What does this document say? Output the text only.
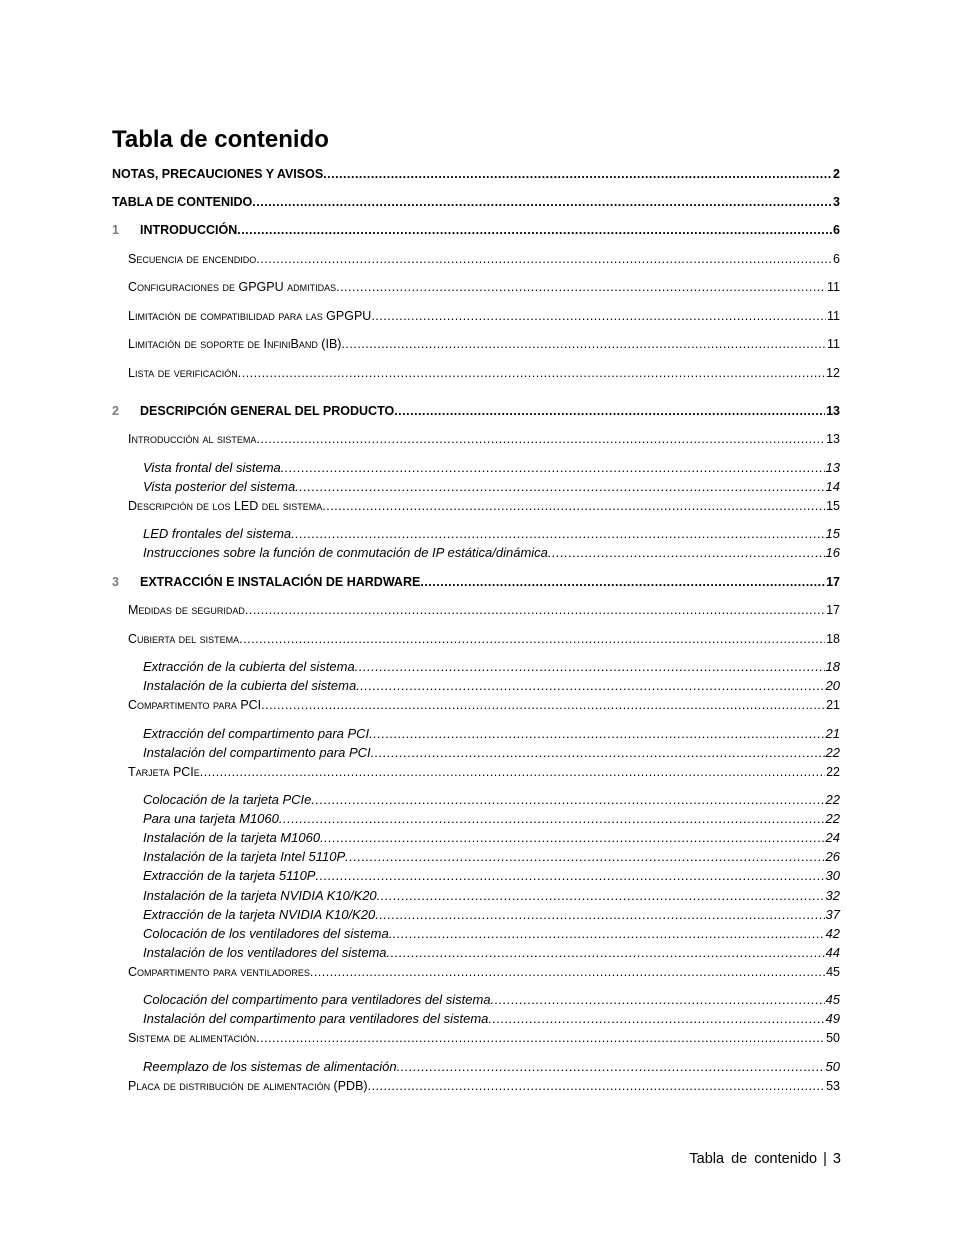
Tabla de contenido
NOTAS, PRECAUCIONES Y AVISOS .....	2
TABLA DE CONTENIDO .....	3
1	INTRODUCCIÓN .....	6
Secuencia de encendido .....	6
Configuraciones de GPGPU admitidas .....	11
Limitación de compatibilidad para las GPGPU .....	11
Limitación de soporte de InfiniBand (IB) .....	11
Lista de verificación .....	12
2	DESCRIPCIÓN GENERAL DEL PRODUCTO .....	13
Introducción al sistema .....	13
Vista frontal del sistema .....	13
Vista posterior del sistema .....	14
Descripción de los LED del sistema .....	15
LED frontales del sistema .....	15
Instrucciones sobre la función de conmutación de IP estática/dinámica .....	16
3	EXTRACCIÓN E INSTALACIÓN DE HARDWARE .....	17
Medidas de seguridad .....	17
Cubierta del sistema .....	18
Extracción de la cubierta del sistema .....	18
Instalación de la cubierta del sistema .....	20
Compartimento para PCI .....	21
Extracción del compartimento para PCI .....	21
Instalación del compartimento para PCI .....	22
Tarjeta PCIe .....	22
Colocación de la tarjeta PCIe .....	22
Para una tarjeta M1060 .....	22
Instalación de la tarjeta M1060 .....	24
Instalación de la tarjeta Intel 5110P .....	26
Extracción de la tarjeta 5110P .....	30
Instalación de la tarjeta NVIDIA K10/K20 .....	32
Extracción de la tarjeta NVIDIA K10/K20 .....	37
Colocación de los ventiladores del sistema .....	42
Instalación de los ventiladores del sistema .....	44
Compartimento para ventiladores .....	45
Colocación del compartimento para ventiladores del sistema .....	45
Instalación del compartimento para ventiladores del sistema .....	49
Sistema de alimentación .....	50
Reemplazo de los sistemas de alimentación .....	50
Placa de distribución de alimentación (PDB) .....	53
Tabla de contenido | 3
